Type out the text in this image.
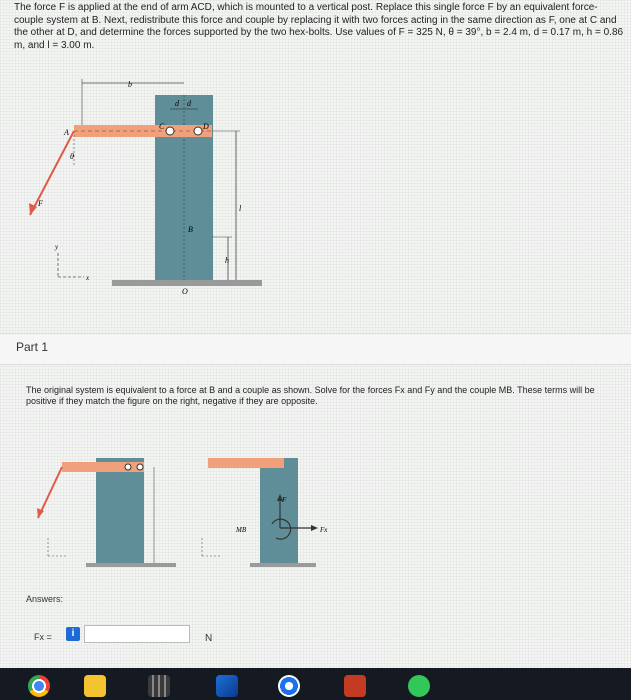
The force F is applied at the end of arm ACD, which is mounted to a vertical post. Replace this single force F by an equivalent force-couple system at B. Next, redistribute this force and couple by replacing it with two forces acting in the same direction as F, one at C and the other at D, and determine the forces supported by the two hex-bolts. Use values of F = 325 N, θ = 39°, b = 2.4 m, d = 0.17 m, h = 0.86 m, and l = 3.00 m.
b
d d
A
C	D
θ
F
B
l
h
O
y
x
Part 1
The original system is equivalent to a force at B and a couple as shown. Solve for the forces Fx and Fy and the couple MB. These terms will be positive if they match the figure on the right, negative if they are opposite.
F
Fx
MB
Answers:
Fx =	i	N
